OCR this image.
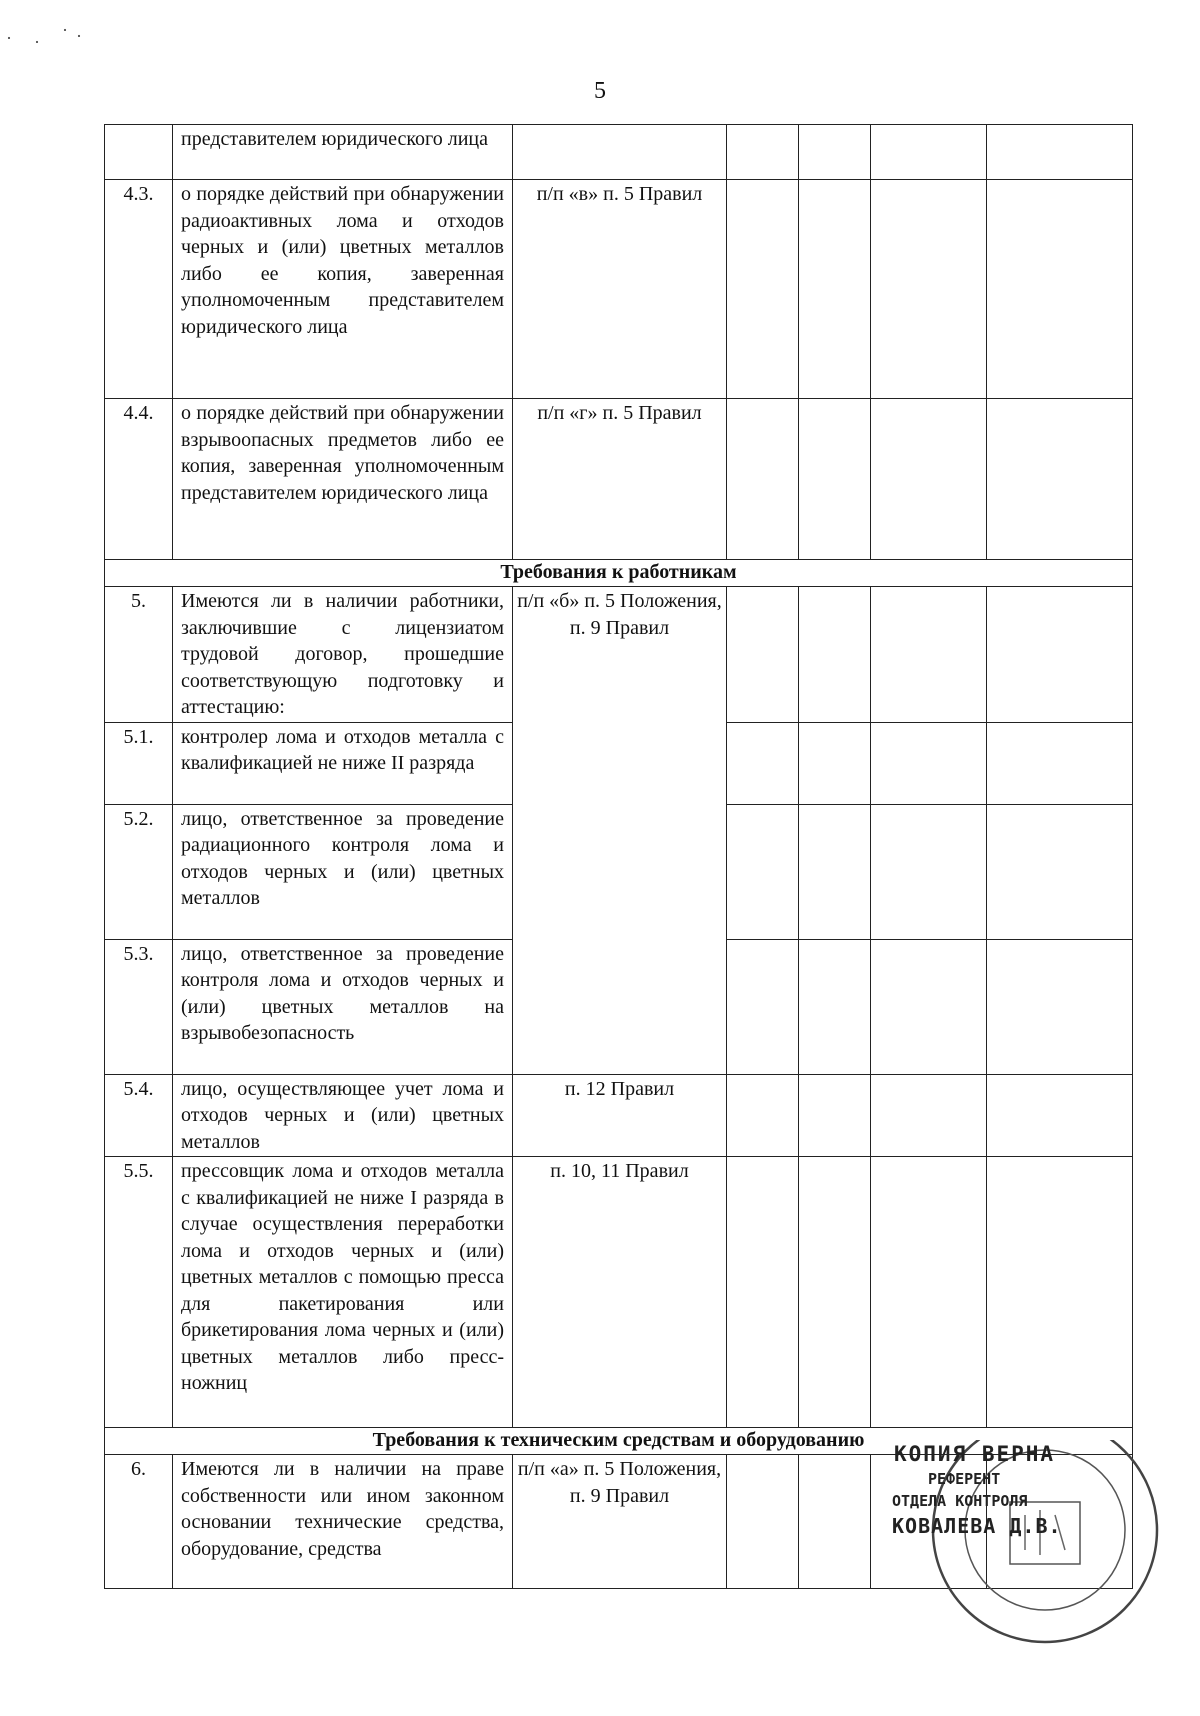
5
· ·
· ·
	представителем юридического лица					
4.3.	о порядке действий при обнаружении радиоактивных лома и отходов черных и (или) цветных металлов либо ее копия, заверенная уполномоченным представителем юридического лица	п/п «в» п. 5 Правил				
4.4.	о порядке действий при обнаружении взрывоопасных предметов либо ее копия, заверенная уполномоченным представителем юридического лица	п/п «г» п. 5 Правил				
Требования к работникам						
5.	Имеются ли в наличии работники, заключившие с лицензиатом трудовой договор, прошедшие соответствующую подготовку и аттестацию:	п/п «б» п. 5 Положения, п. 9 Правил				
5.1.	контролер лома и отходов металла с квалификацией не ниже II разряда					
5.2.	лицо, ответственное за проведение радиационного контроля лома и отходов черных и (или) цветных металлов					
5.3.	лицо, ответственное за проведение контроля лома и отходов черных и (или) цветных металлов на взрывобезопасность					
5.4.	лицо, осуществляющее учет лома и отходов черных и (или) цветных металлов	п. 12 Правил				
5.5.	прессовщик лома и отходов металла с квалификацией не ниже I разряда в случае осуществления переработки лома и отходов черных и (или) цветных металлов с помощью пресса для пакетирования или брикетирования лома черных и (или) цветных металлов либо пресс-ножниц	п. 10, 11 Правил				
Требования к техническим средствам и оборудованию						
6.	Имеются ли в наличии на праве собственности или ином законном основании технические средства, оборудование, средства	п/п «а» п. 5 Положения, п. 9 Правил				
КОПИЯ ВЕРНА
РЕФЕРЕНТ
ОТДЕЛА КОНТРОЛЯ
КОВАЛЕВА Д.В.
